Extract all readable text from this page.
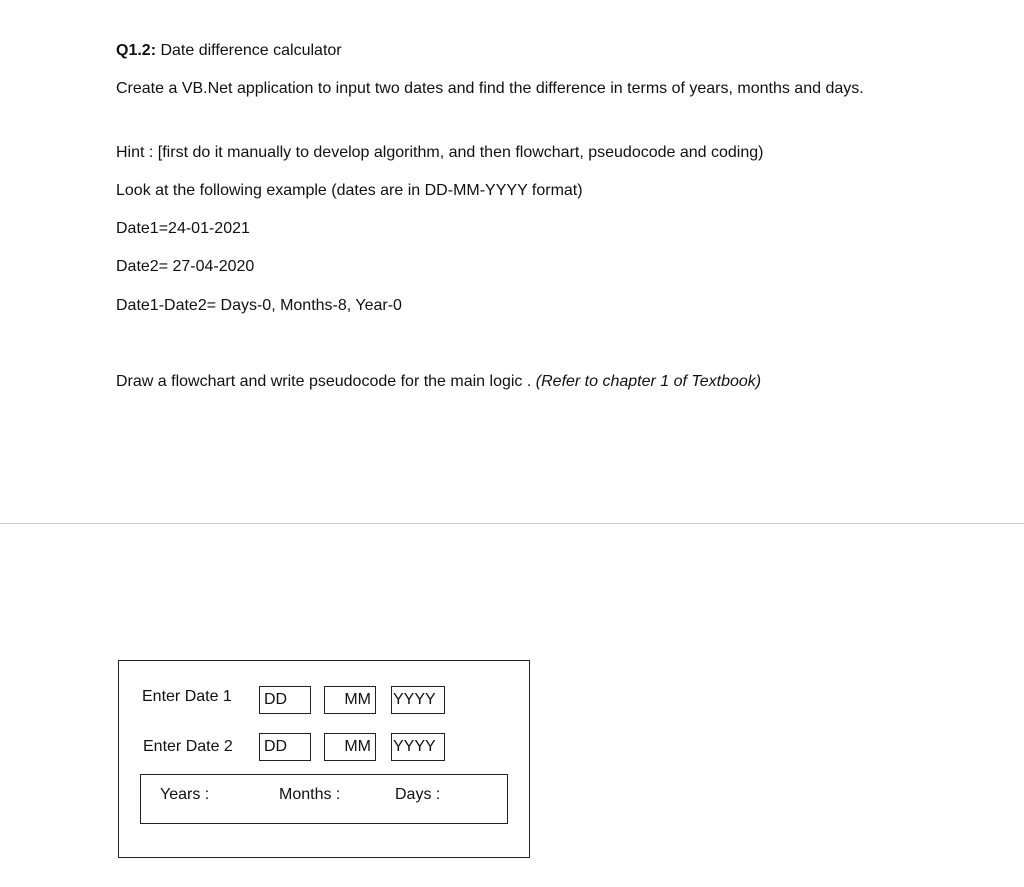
Q1.2: Date difference calculator
Create a VB.Net application to input two dates and find the difference in terms of years, months and days.
Hint : [first do it manually to develop algorithm, and then flowchart, pseudocode and coding)
Look at the following example (dates are in DD-MM-YYYY format)
Date1=24-01-2021
Date2= 27-04-2020
Date1-Date2= Days-0, Months-8, Year-0
Draw a flowchart and write pseudocode for the main logic . (Refer to chapter 1 of Textbook)
Enter Date 1	DD	MM	YYYY
Enter Date 2	DD	MM	YYYY
Years :	Months :	Days :
